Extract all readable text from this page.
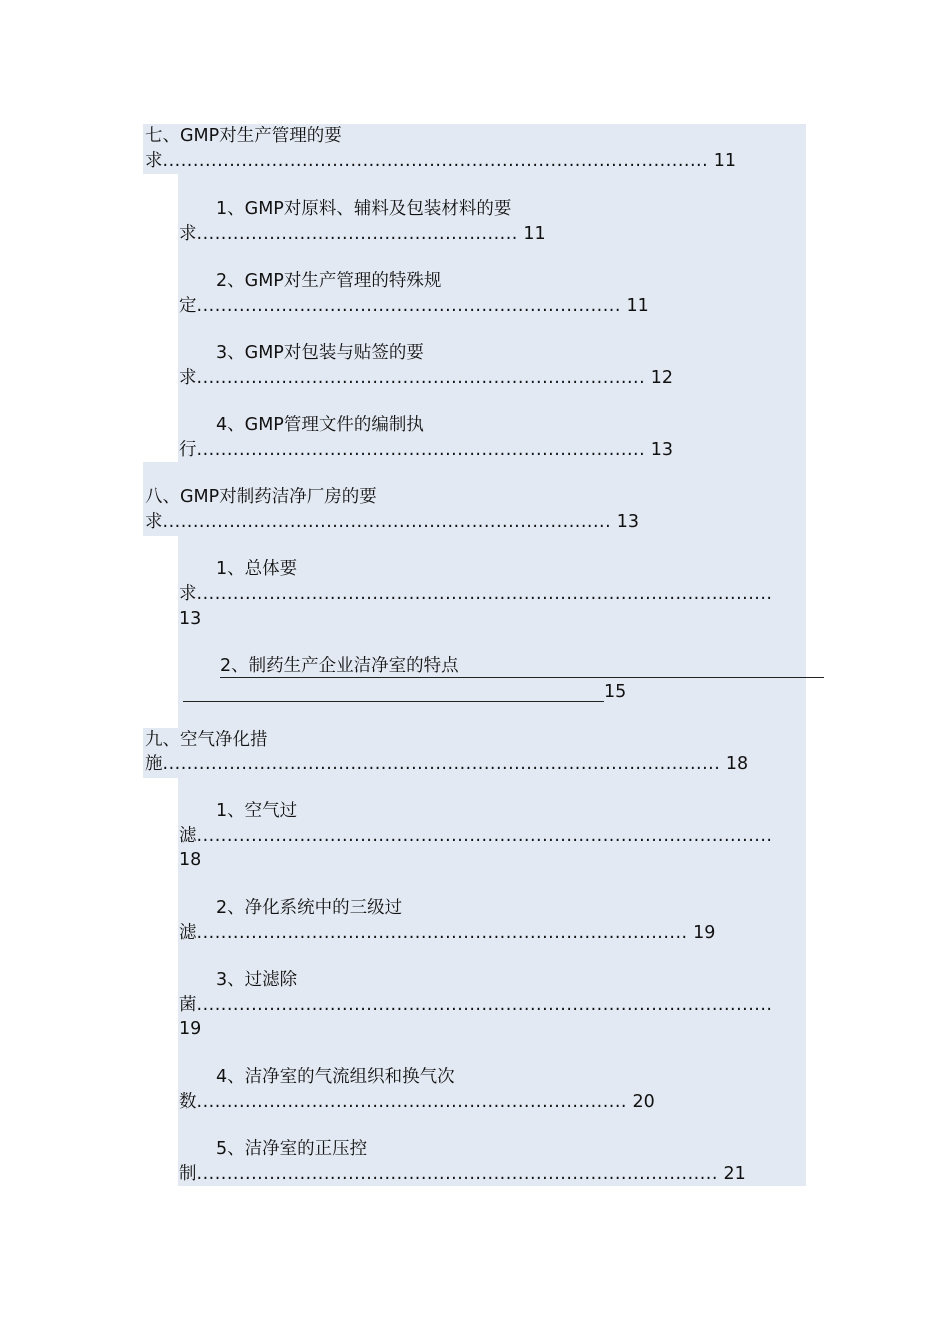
七、GMP对生产管理的要
求.......................................................................................... 11
1、GMP对原料、辅料及包装材料的要
求..................................................... 11
2、GMP对生产管理的特殊规
定...................................................................... 11
3、GMP对包装与贴签的要
求.......................................................................... 12
4、GMP管理文件的编制执
行.......................................................................... 13
八、GMP对制药洁净厂房的要
求.......................................................................... 13
1、总体要
求...............................................................................................
13
2、制药生产企业洁净室的特点
15
九、空气净化措
施............................................................................................ 18
1、空气过
滤...............................................................................................
18
2、净化系统中的三级过
滤................................................................................. 19
3、过滤除
菌...............................................................................................
19
4、洁净室的气流组织和换气次
数....................................................................... 20
5、洁净室的正压控
制...................................................................................... 21
